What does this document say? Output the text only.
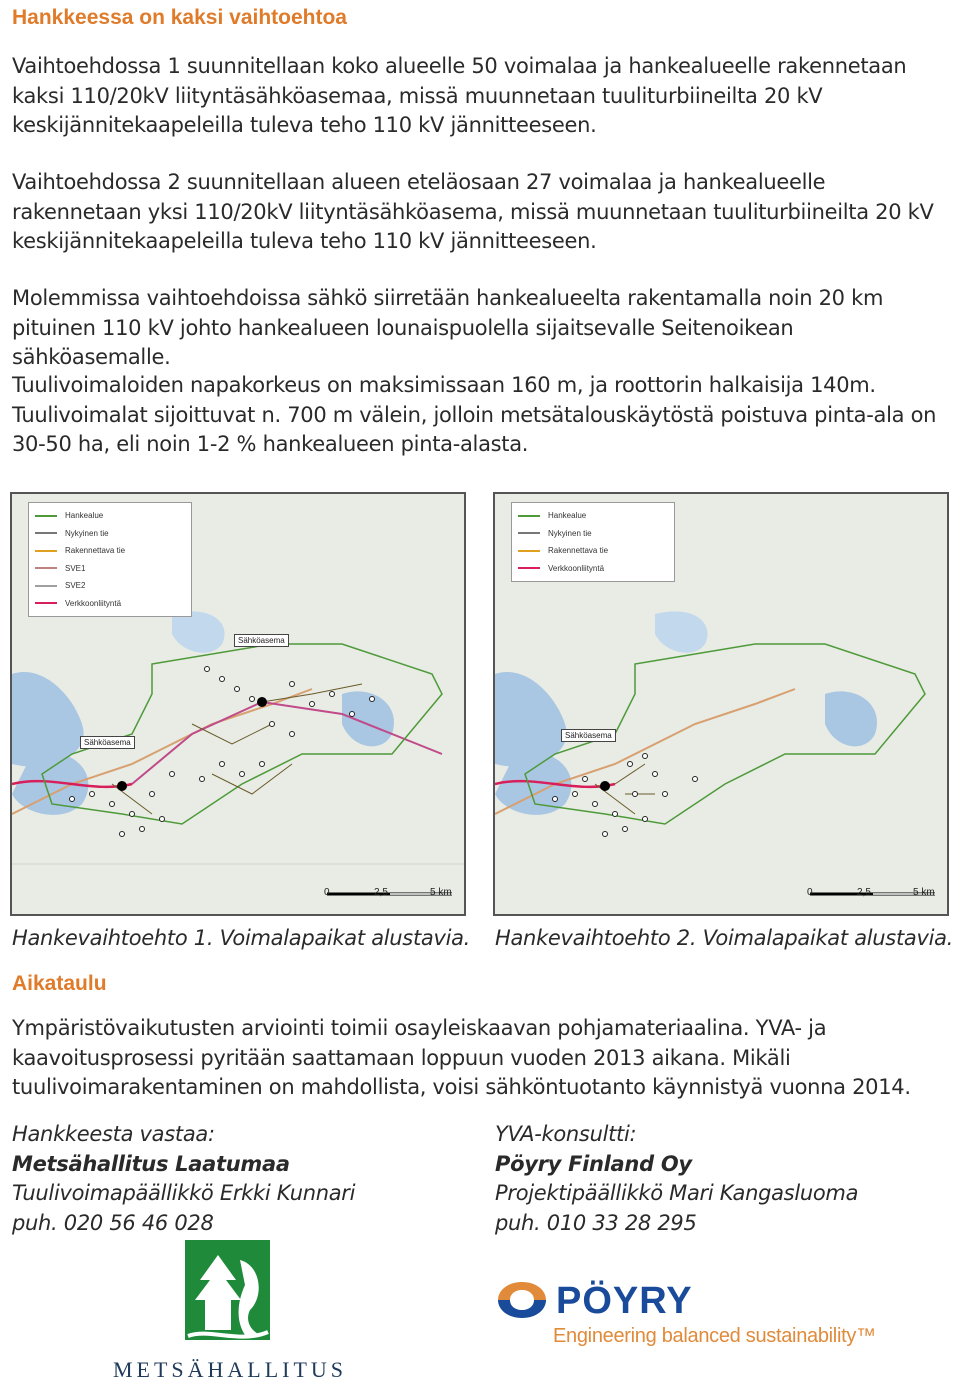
Hankkeessa on kaksi vaihtoehtoa
Vaihtoehdossa 1 suunnitellaan koko alueelle 50 voimalaa ja hankealueelle rakennetaan kaksi 110/20kV liityntäsähköasemaa, missä muunnetaan tuuliturbiineilta 20 kV keskijännitekaapeleilla tuleva teho 110 kV jännitteeseen.
Vaihtoehdossa 2 suunnitellaan alueen eteläosaan 27 voimalaa ja hankealueelle rakennetaan yksi 110/20kV liityntäsähköasema, missä muunnetaan tuuliturbiineilta 20 kV keskijännitekaapeleilla tuleva teho 110 kV jännitteeseen.
Molemmissa vaihtoehdoissa sähkö siirretään hankealueelta rakentamalla noin 20 km pituinen 110 kV johto hankealueen lounaispuolella sijaitsevalle Seitenoikean sähköasemalle.
Tuulivoimaloiden napakorkeus on maksimissaan 160 m, ja roottorin halkaisija 140m. Tuulivoimalat sijoittuvat n. 700 m välein, jolloin metsätalouskäytöstä poistuva pinta-ala on 30-50 ha, eli noin 1-2 % hankealueen pinta-alasta.
Hankealue
Nykyinen tie
Rakennettava tie
SVE1
SVE2
Verkkoonliityntä
Sähköasema
Sähköasema
0	2,5	5 km
Hankevaihtoehto 1. Voimalapaikat alustavia.
Hankealue
Nykyinen tie
Rakennettava tie
Verkkoonliityntä
Sähköasema
0	2,5	5 km
Hankevaihtoehto 2. Voimalapaikat alustavia.
Aikataulu
Ympäristövaikutusten arviointi toimii osayleiskaavan pohjamateriaalina. YVA- ja kaavoitusprosessi pyritään saattamaan loppuun vuoden 2013 aikana. Mikäli tuulivoimarakentaminen on mahdollista, voisi sähköntuotanto käynnistyä vuonna 2014.
Hankkeesta vastaa:
Metsähallitus Laatumaa
Tuulivoimapäällikkö Erkki Kunnari
puh. 020 56 46 028
YVA-konsultti:
Pöyry Finland Oy
Projektipäällikkö Mari Kangasluoma
puh. 010 33 28 295
METSÄHALLITUS
PÖYRY
Engineering balanced sustainability™
